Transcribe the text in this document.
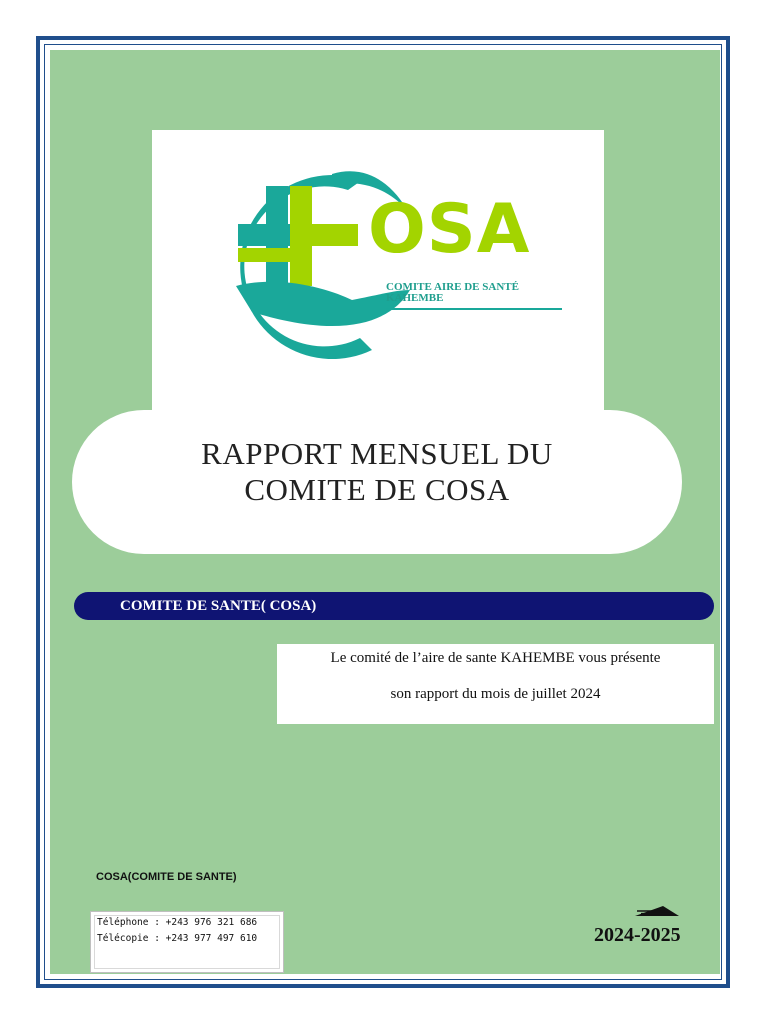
OSA
COMITE AIRE DE SANTÉ
KAHEMBE
RAPPORT MENSUEL DU
COMITE DE COSA
COMITE DE SANTE( COSA)
Le comité de l’aire de sante KAHEMBE vous présente
son rapport du mois de juillet 2024
COSA(COMITE DE SANTE)
Téléphone : +243 976 321 686
Télécopie : +243 977 497 610	2024-2025
